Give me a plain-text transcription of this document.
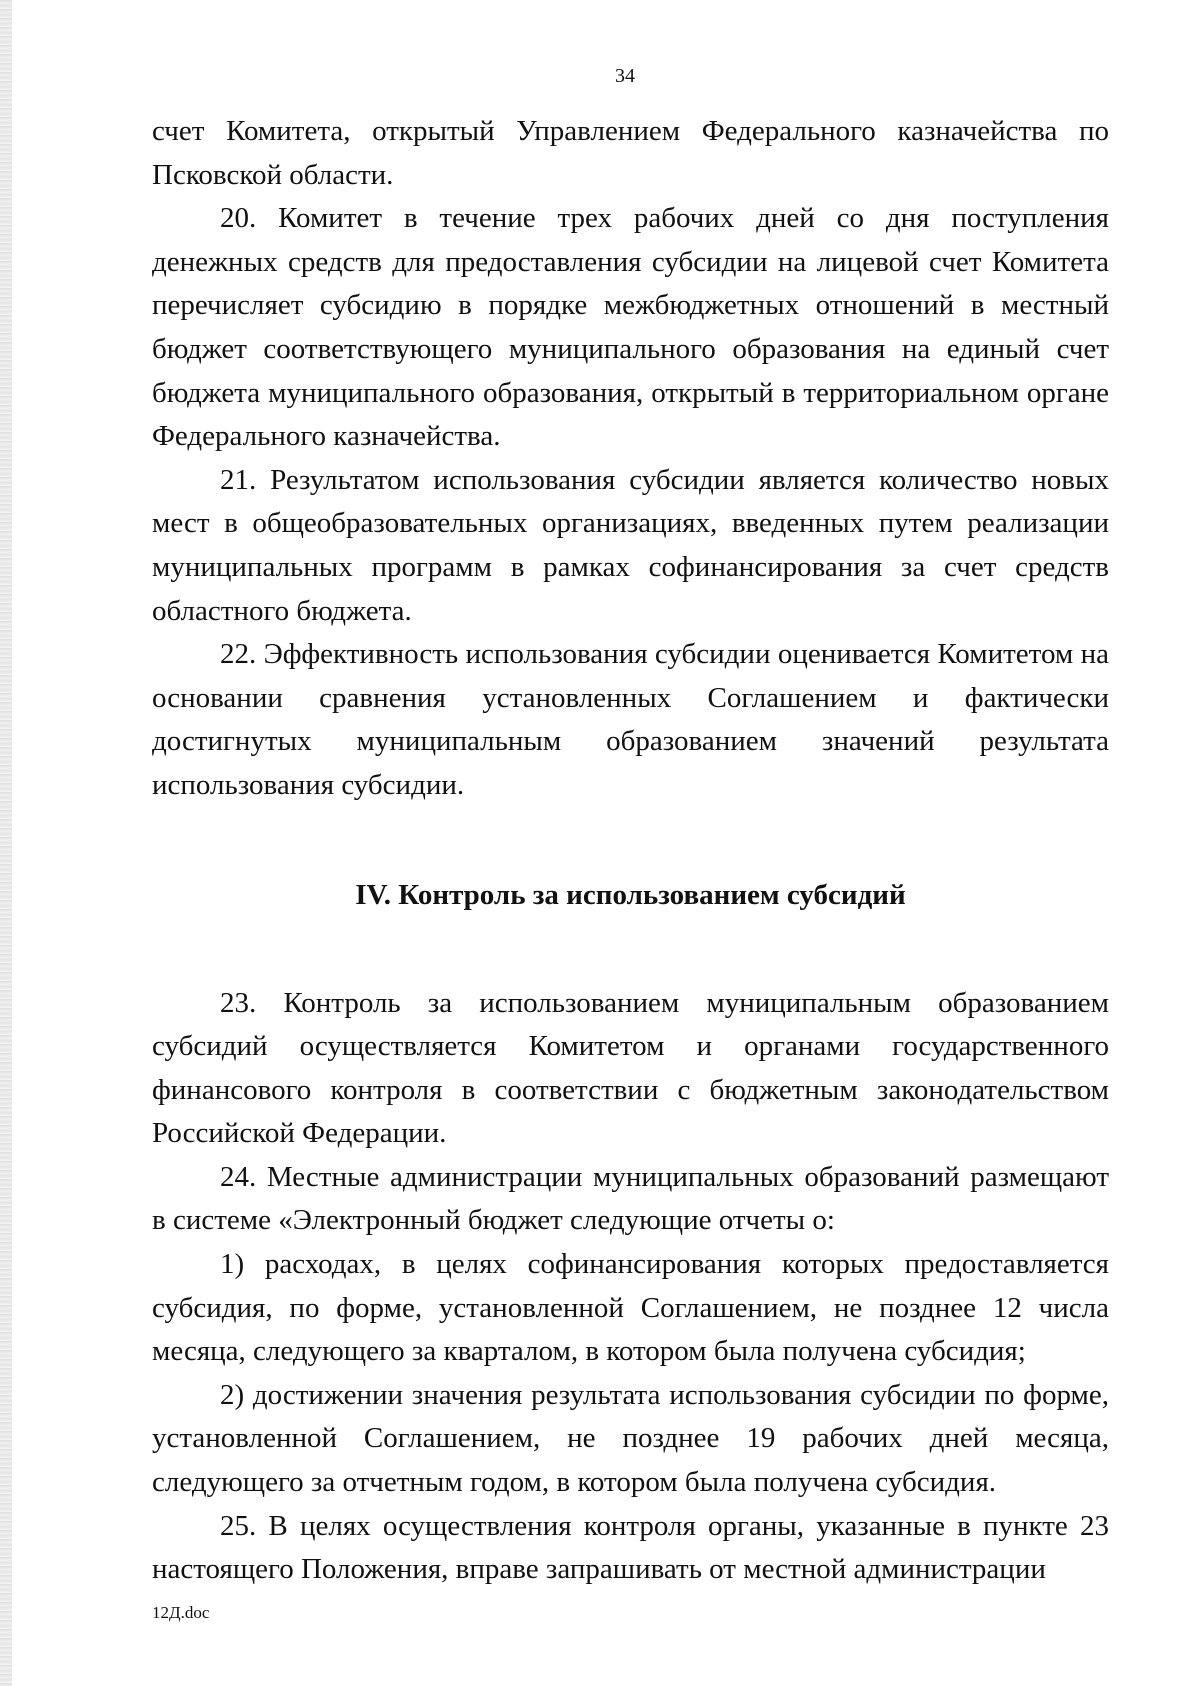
34

счет Комитета, открытый Управлением Федерального казначейства по Псковской области.

20. Комитет в течение трех рабочих дней со дня поступления денежных средств для предоставления субсидии на лицевой счет Комитета перечисляет субсидию в порядке межбюджетных отношений в местный бюджет соответствующего муниципального образования на единый счет бюджета муниципального образования, открытый в территориальном органе Федерального казначейства.

21. Результатом использования субсидии является количество новых мест в общеобразовательных организациях, введенных путем реализации муниципальных программ в рамках софинансирования за счет средств областного бюджета.

22. Эффективность использования субсидии оценивается Комитетом на основании сравнения установленных Соглашением и фактически достигнутых муниципальным образованием значений результата использования субсидии.

IV. Контроль за использованием субсидий

23. Контроль за использованием муниципальным образованием субсидий осуществляется Комитетом и органами государственного финансового контроля в соответствии с бюджетным законодательством Российской Федерации.

24. Местные администрации муниципальных образований размещают в системе «Электронный бюджет следующие отчеты о:

1) расходах, в целях софинансирования которых предоставляется субсидия, по форме, установленной Соглашением, не позднее 12 числа месяца, следующего за кварталом, в котором была получена субсидия;

2) достижении значения результата использования субсидии по форме, установленной Соглашением, не позднее 19 рабочих дней месяца, следующего за отчетным годом, в котором была получена субсидия.

25. В целях осуществления контроля органы, указанные в пункте 23 настоящего Положения, вправе запрашивать от местной администрации

12Д.doc
